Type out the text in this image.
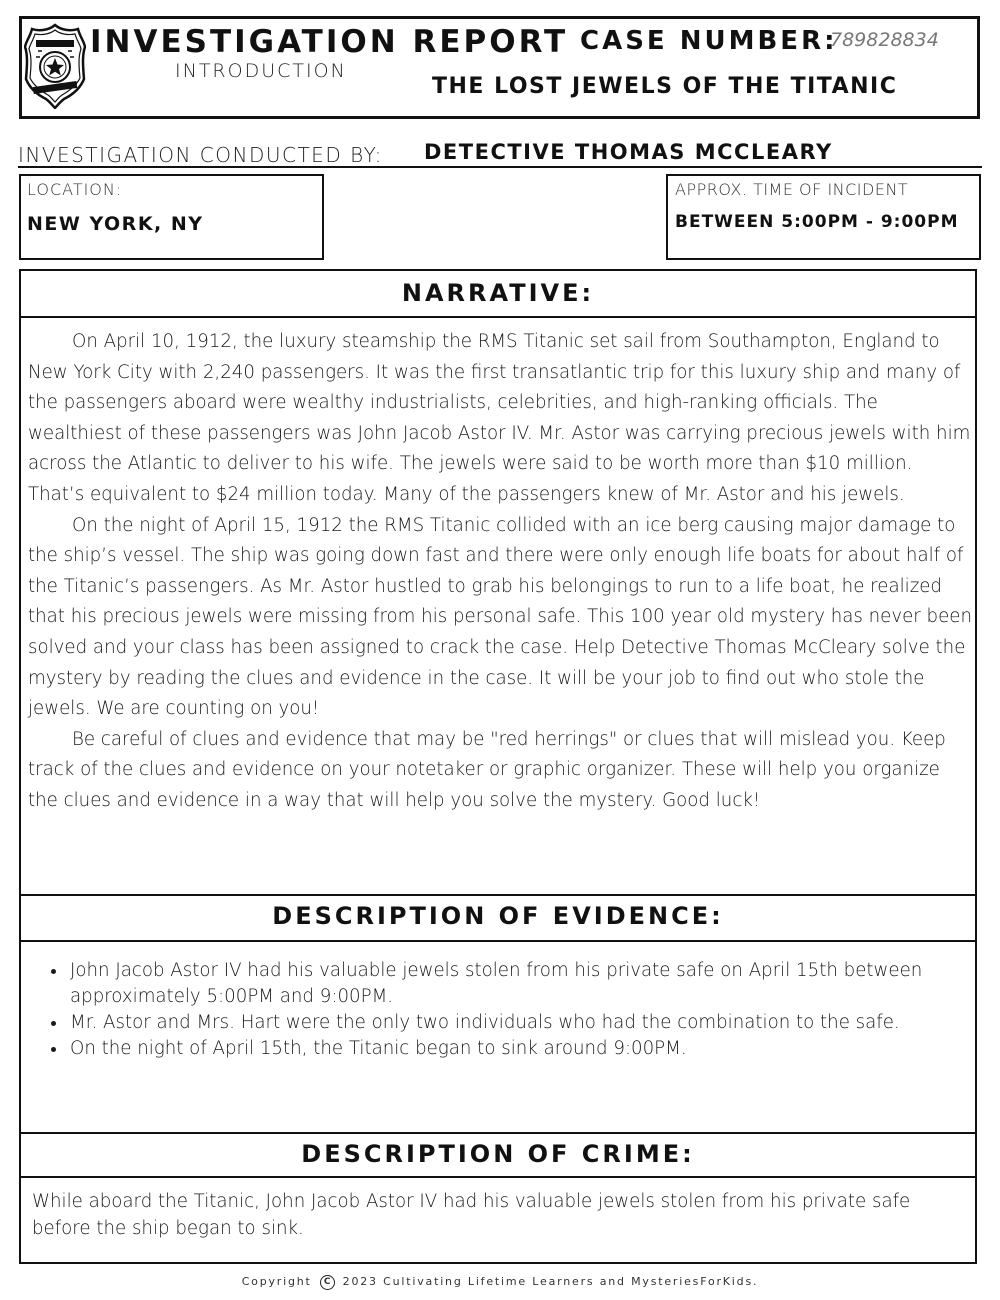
INVESTIGATION REPORT
INTRODUCTION
CASE NUMBER:
789828834
THE LOST JEWELS OF THE TITANIC
INVESTIGATION CONDUCTED BY: DETECTIVE THOMAS MCCLEARY
LOCATION:
NEW YORK, NY
APPROX. TIME OF INCIDENT
BETWEEN 5:00PM - 9:00PM
NARRATIVE:

On April 10, 1912, the luxury steamship the RMS Titanic set sail from Southampton, England to New York City with 2,240 passengers. It was the first transatlantic trip for this luxury ship and many of the passengers aboard were wealthy industrialists, celebrities, and high-ranking officials. The wealthiest of these passengers was John Jacob Astor IV. Mr. Astor was carrying precious jewels with him across the Atlantic to deliver to his wife. The jewels were said to be worth more than $10 million. That’s equivalent to $24 million today. Many of the passengers knew of Mr. Astor and his jewels.

On the night of April 15, 1912 the RMS Titanic collided with an ice berg causing major damage to the ship’s vessel. The ship was going down fast and there were only enough life boats for about half of the Titanic’s passengers. As Mr. Astor hustled to grab his belongings to run to a life boat, he realized that his precious jewels were missing from his personal safe. This 100 year old mystery has never been solved and your class has been assigned to crack the case. Help Detective Thomas McCleary solve the mystery by reading the clues and evidence in the case. It will be your job to find out who stole the jewels. We are counting on you!

Be careful of clues and evidence that may be "red herrings" or clues that will mislead you. Keep track of the clues and evidence on your notetaker or graphic organizer. These will help you organize the clues and evidence in a way that will help you solve the mystery. Good luck!

DESCRIPTION OF EVIDENCE:
• John Jacob Astor IV had his valuable jewels stolen from his private safe on April 15th between approximately 5:00PM and 9:00PM.
• Mr. Astor and Mrs. Hart were the only two individuals who had the combination to the safe.
• On the night of April 15th, the Titanic began to sink around 9:00PM.
DESCRIPTION OF CRIME:

While aboard the Titanic, John Jacob Astor IV had his valuable jewels stolen from his private safe before the ship began to sink.

Copyright C 2023 Cultivating Lifetime Learners and MysteriesForKids.
